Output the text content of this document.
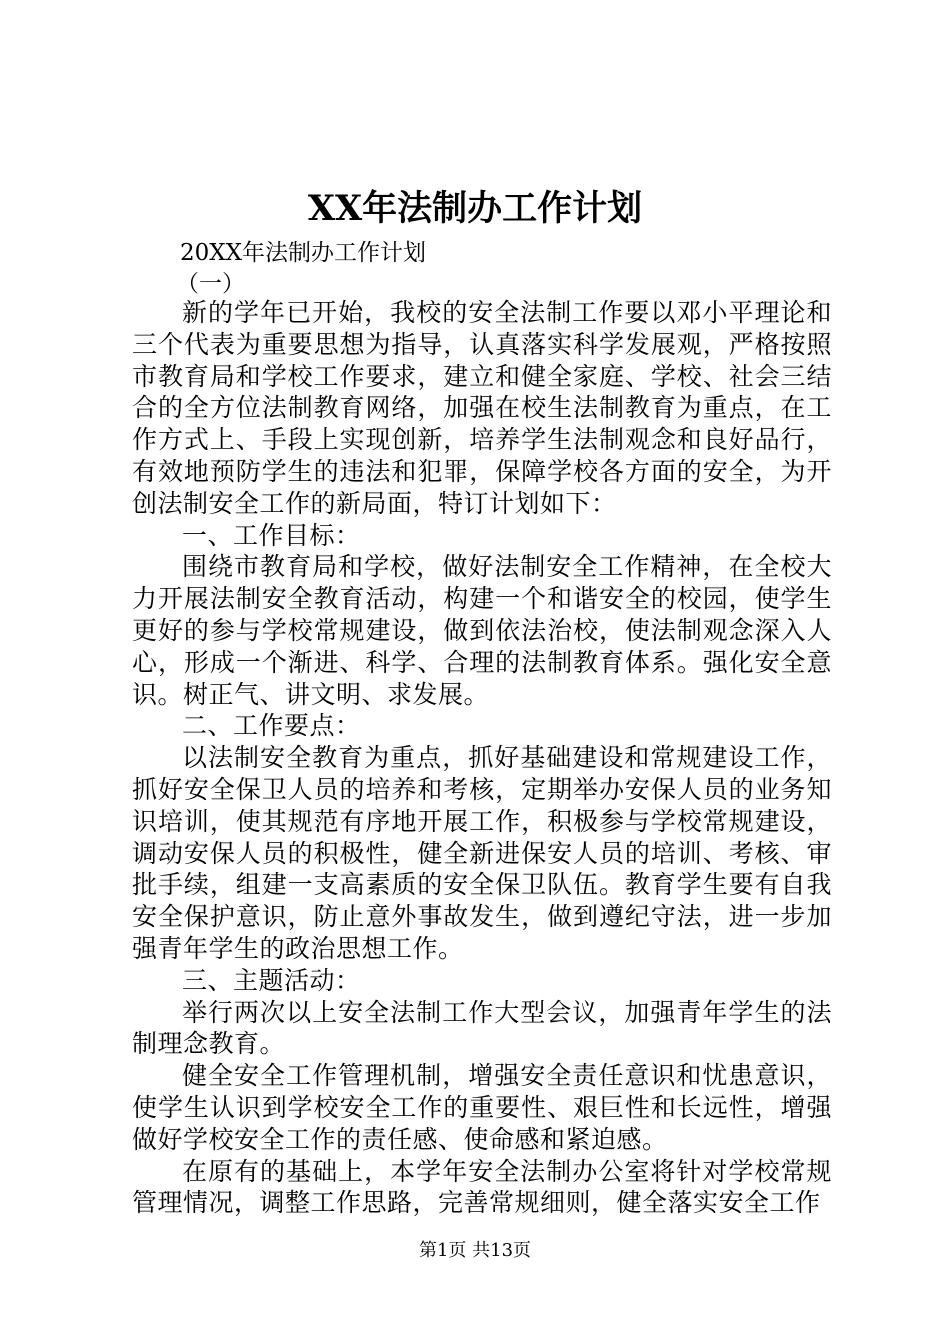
XX年法制办工作计划
20XX年法制办工作计划
（一）

新的学年已开始，我校的安全法制工作要以邓小平理论和三个代表为重要思想为指导，认真落实科学发展观，严格按照市教育局和学校工作要求，建立和健全家庭、学校、社会三结合的全方位法制教育网络，加强在校生法制教育为重点，在工作方式上、手段上实现创新，培养学生法制观念和良好品行，有效地预防学生的违法和犯罪，保障学校各方面的安全，为开创法制安全工作的新局面，特订计划如下：

一、工作目标：

围绕市教育局和学校，做好法制安全工作精神，在全校大力开展法制安全教育活动，构建一个和谐安全的校园，使学生更好的参与学校常规建设，做到依法治校，使法制观念深入人心，形成一个渐进、科学、合理的法制教育体系。强化安全意识。树正气、讲文明、求发展。

二、工作要点：

以法制安全教育为重点，抓好基础建设和常规建设工作，抓好安全保卫人员的培养和考核，定期举办安保人员的业务知识培训，使其规范有序地开展工作，积极参与学校常规建设，调动安保人员的积极性，健全新进保安人员的培训、考核、审批手续，组建一支高素质的安全保卫队伍。教育学生要有自我安全保护意识，防止意外事故发生，做到遵纪守法，进一步加强青年学生的政治思想工作。

三、主题活动：

举行两次以上安全法制工作大型会议，加强青年学生的法制理念教育。

健全安全工作管理机制，增强安全责任意识和忧患意识，使学生认识到学校安全工作的重要性、艰巨性和长远性，增强做好学校安全工作的责任感、使命感和紧迫感。

在原有的基础上，本学年安全法制办公室将针对学校常规管理情况，调整工作思路，完善常规细则，健全落实安全工作

第1页 共13页
